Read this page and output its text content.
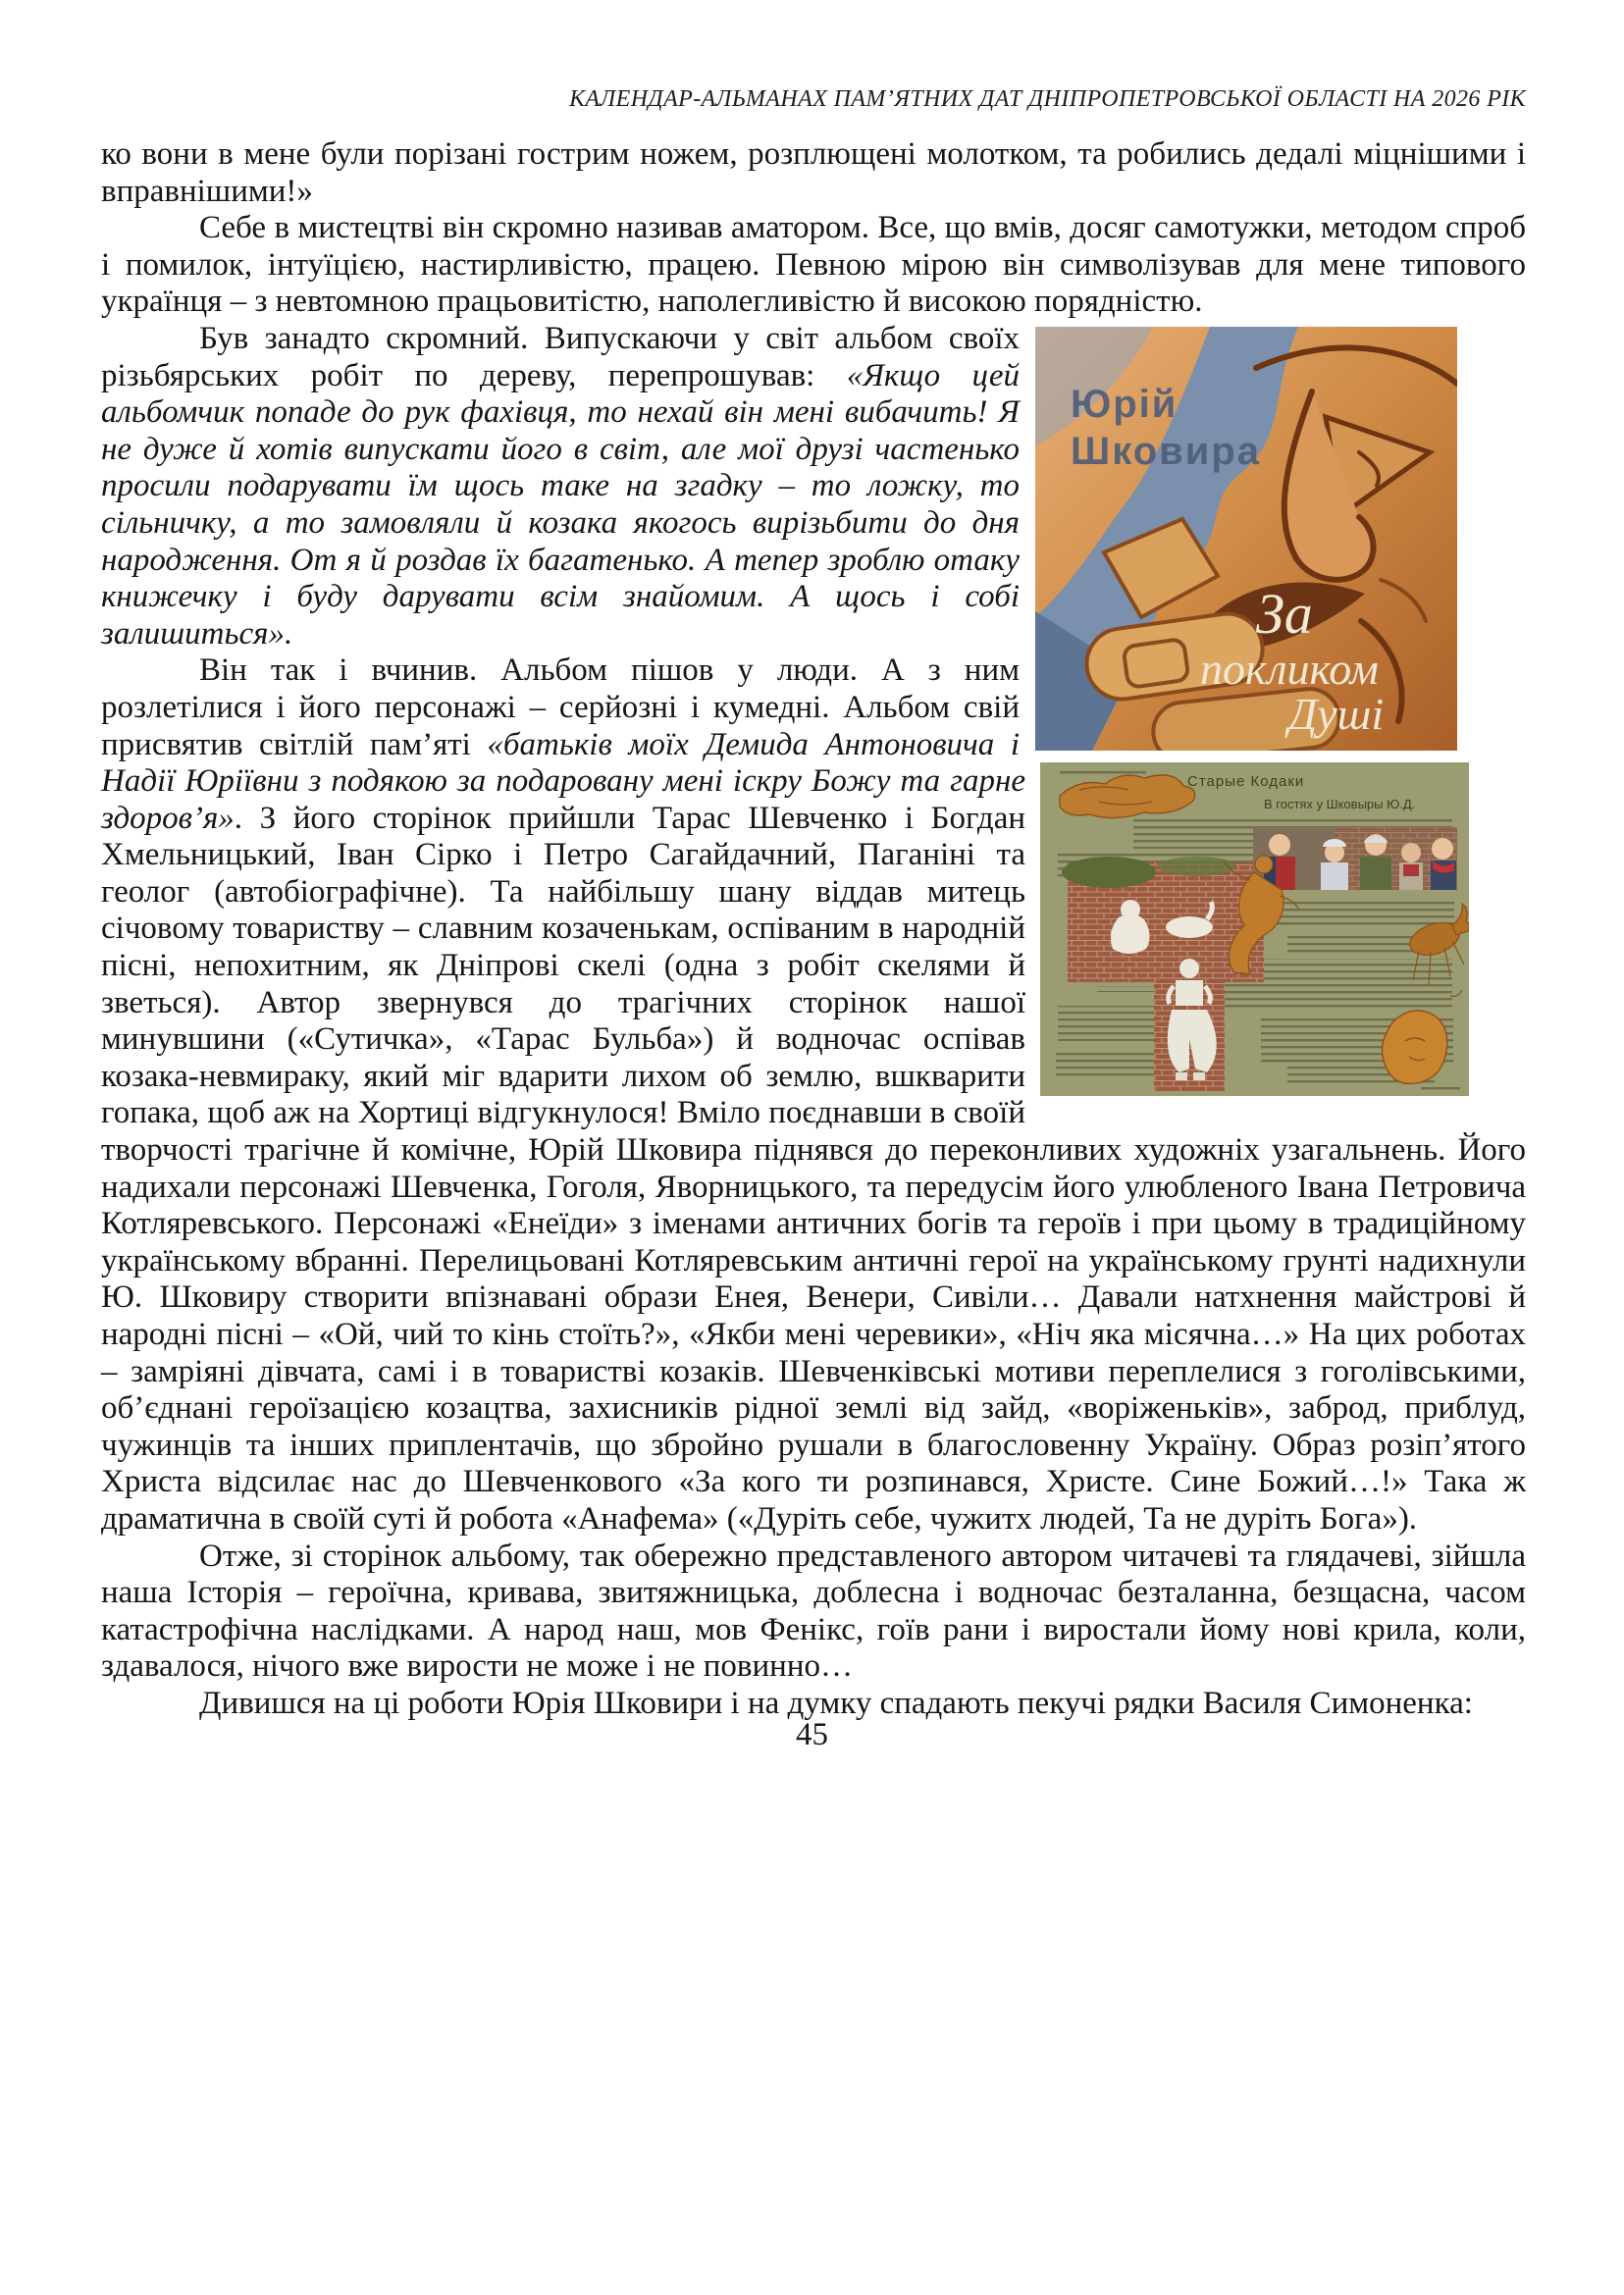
КАЛЕНДАР-АЛЬМАНАХ ПАМ’ЯТНИХ ДАТ ДНІПРОПЕТРОВСЬКОЇ ОБЛАСТІ НА 2026 РІК

ко вони в мене були порізані гострим ножем, розплющені молотком, та робились дедалі міцнішими і вправнішими!»

Себе в мистецтві він скромно називав аматором. Все, що вмів, досяг самотужки, методом спроб і помилок, інтуїцією, настирливістю, працею. Певною мірою він символізував для мене типового українця – з невтомною працьовитістю, наполегливістю й високою порядністю.

Юрій
Шковира
За
покликом
Душі
Старые Кодаки
В гостях у Шковыры Ю.Д.

Був занадто скромний. Випускаючи у світ альбом своїх різьбярських робіт по дереву, перепрошував: «Якщо цей альбомчик попаде до рук фахівця, то нехай він мені вибачить! Я не дуже й хотів випускати його в світ, але мої друзі частенько просили подарувати їм щось таке на згадку – то ложку, то сільничку, а то замовляли й козака якогось вирізьбити до дня народження. От я й роздав їх багатенько. А тепер зроблю отаку книжечку і буду дарувати всім знайомим. А щось і собі залишиться».

Він так і вчинив. Альбом пішов у люди. А з ним розлетілися і його персонажі – серйозні і кумедні. Альбом свій присвятив світлій пам’яті «батьків моїх Демида Антоновича і Надії Юріївни з подякою за подаровану мені іскру Божу та гарне здоров’я». З його сторінок прийшли Тарас Шевченко і Богдан Хмельницький, Іван Сірко і Петро Сагайдачний, Паганіні та геолог (автобіографічне). Та найбільшу шану віддав митець січовому товариству – славним козаченькам, оспіваним в народній пісні, непохитним, як Дніпрові скелі (одна з робіт скелями й зветься). Автор звернувся до трагічних сторінок нашої минувшини («Сутичка», «Тарас Бульба») й водночас оспівав козака-невмираку, який міг вдарити лихом об землю, вшкварити гопака, щоб аж на Хортиці відгукнулося! Вміло поєднавши в своїй творчості трагічне й комічне, Юрій Шковира піднявся до переконливих художніх узагальнень. Його надихали персонажі Шевченка, Гоголя, Яворницького, та передусім його улюбленого Івана Петровича Котляревського. Персонажі «Енеїди» з іменами античних богів та героїв і при цьому в традиційному українському вбранні. Перелицьовані Котляревським античні герої на українському грунті надихнули Ю. Шковиру створити впізнавані образи Енея, Венери, Сивіли… Давали натхнення майстрові й народні пісні – «Ой, чий то кінь стоїть?», «Якби мені черевики», «Ніч яка місячна…» На цих роботах – замріяні дівчата, самі і в товаристві козаків. Шевченківські мотиви переплелися з гоголівськими, об’єднані героїзацією козацтва, захисників рідної землі від зайд, «воріженьків», заброд, приблуд, чужинців та інших приплентачів, що збройно рушали в благословенну Україну. Образ розіп’ятого Христа відсилає нас до Шевченкового «За кого ти розпинався, Христе. Сине Божий…!» Така ж драматична в своїй суті й робота «Анафема» («Дуріть себе, чужитх людей, Та не дуріть Бога»).

Отже, зі сторінок альбому, так обережно представленого автором читачеві та глядачеві, зійшла наша Історія – героїчна, кривава, звитяжницька, доблесна і водночас безталанна, безщасна, часом катастрофічна наслідками. А народ наш, мов Фенікс, гоїв рани і виростали йому нові крила, коли, здавалося, нічого вже вирости не може і не повинно…

Дивишся на ці роботи Юрія Шковири і на думку спадають пекучі рядки Василя Симоненка:

45
